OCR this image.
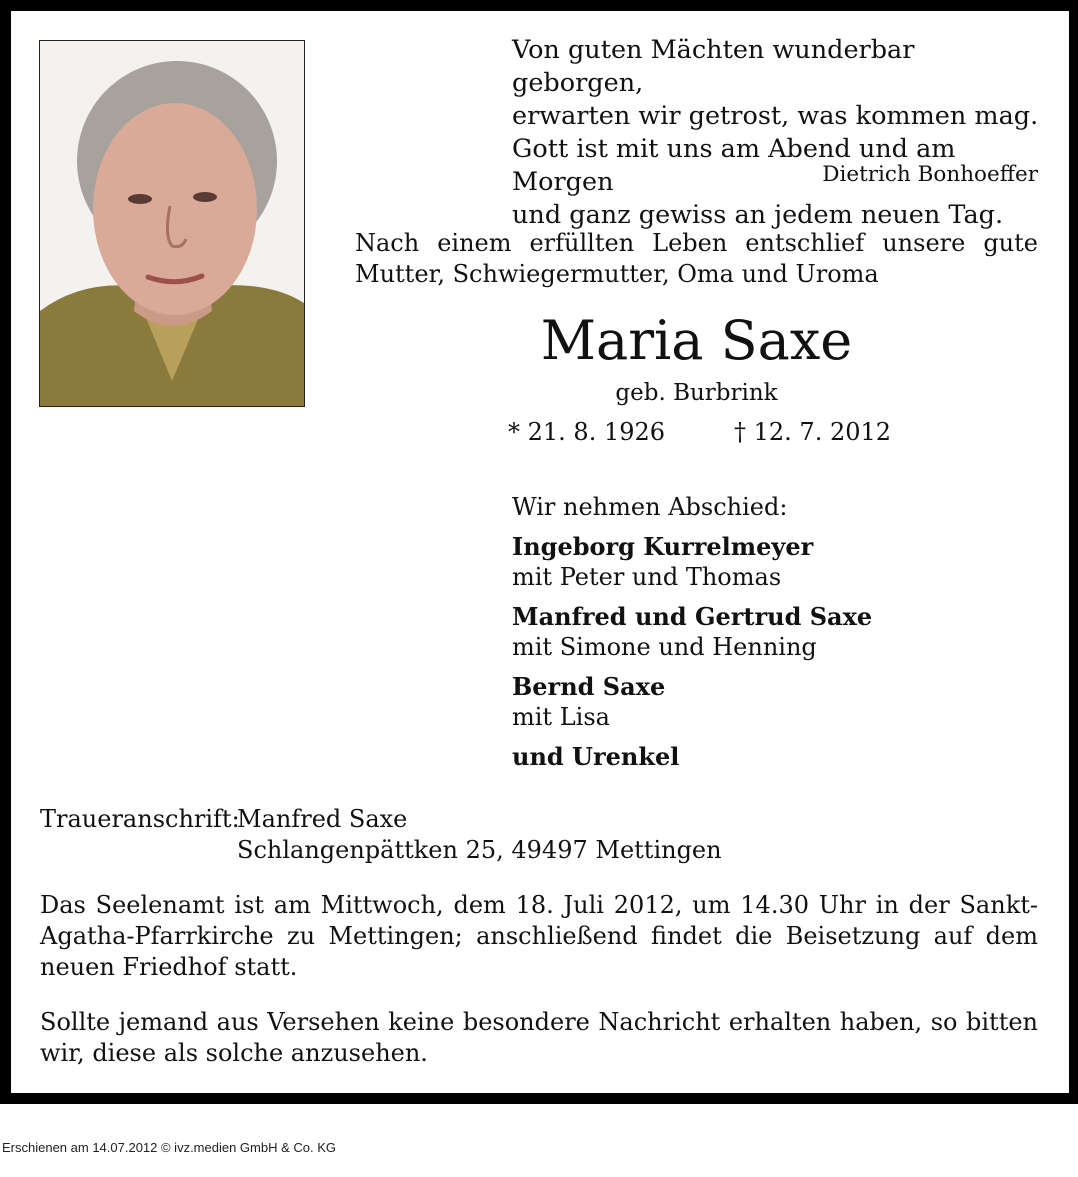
Von guten Mächten wunderbar geborgen,
erwarten wir getrost, was kommen mag.
Gott ist mit uns am Abend und am Morgen
und ganz gewiss an jedem neuen Tag.
Dietrich Bonhoeffer
Nach einem erfüllten Leben entschlief unsere gute
Mutter, Schwiegermutter, Oma und Uroma
Maria Saxe
geb. Burbrink
* 21. 8. 1926	† 12. 7. 2012
Wir nehmen Abschied:
Ingeborg Kurrelmeyer
mit Peter und Thomas
Manfred und Gertrud Saxe
mit Simone und Henning
Bernd Saxe
mit Lisa
und Urenkel
Traueranschrift:
Manfred Saxe
Schlangenpättken 25, 49497 Mettingen
Das Seelenamt ist am Mittwoch, dem 18. Juli 2012, um 14.30 Uhr in der Sankt-Agatha-Pfarrkirche zu Mettingen; anschließend findet die Beisetzung auf dem neuen Friedhof statt.
Sollte jemand aus Versehen keine besondere Nachricht erhalten haben, so bitten wir, diese als solche anzusehen.
Erschienen am 14.07.2012 © ivz.medien GmbH & Co. KG
